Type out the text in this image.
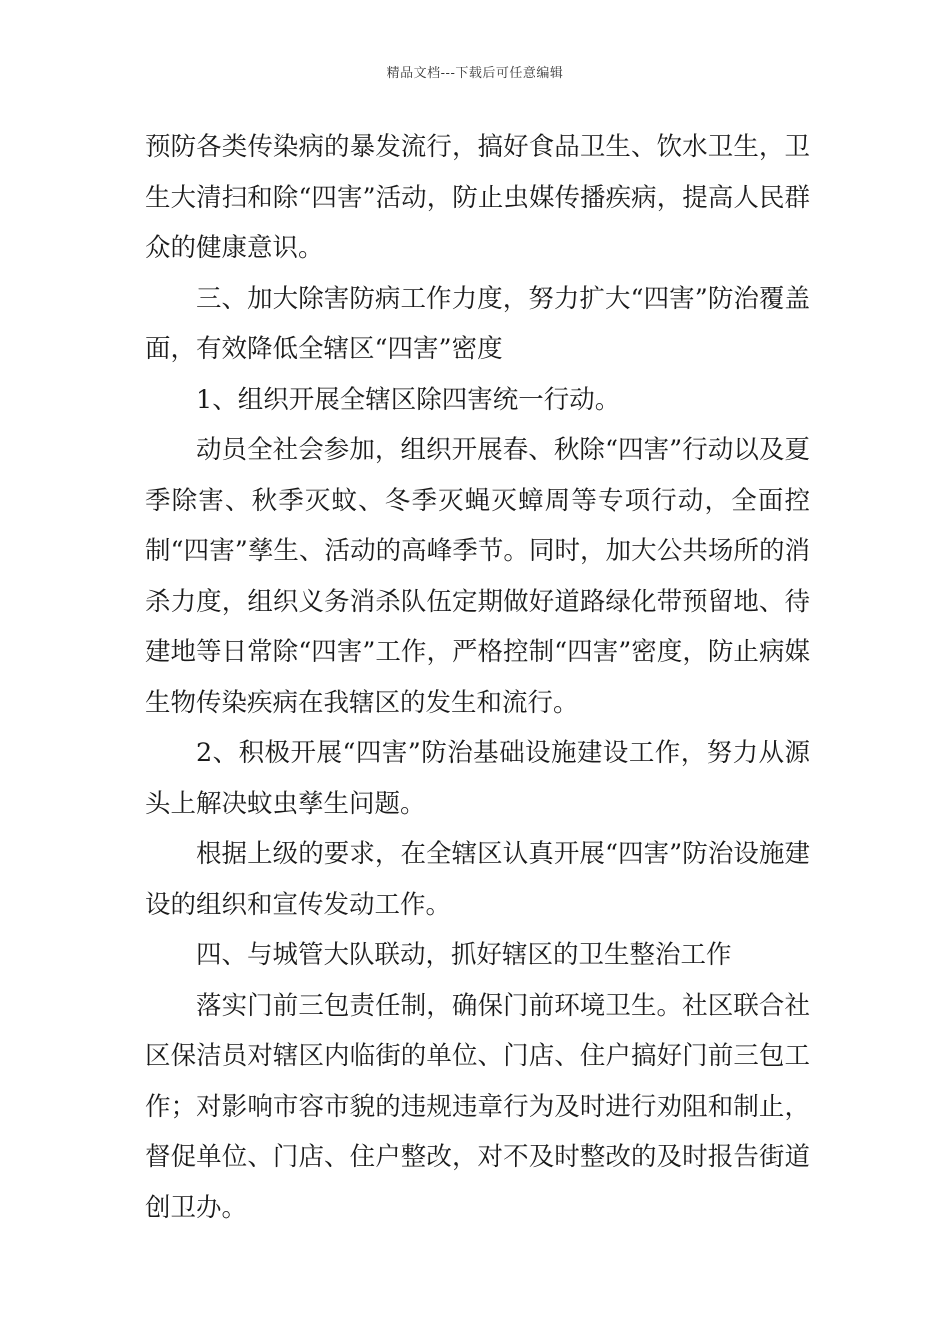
精品文档---下载后可任意编辑

预防各类传染病的暴发流行，搞好食品卫生、饮水卫生，卫生大清扫和除“四害”活动，防止虫媒传播疾病，提高人民群众的健康意识。

三、加大除害防病工作力度，努力扩大“四害”防治覆盖面，有效降低全辖区“四害”密度

1、组织开展全辖区除四害统一行动。

动员全社会参加，组织开展春、秋除“四害”行动以及夏季除害、秋季灭蚊、冬季灭蝇灭蟑周等专项行动，全面控制“四害”孳生、活动的高峰季节。同时，加大公共场所的消杀力度，组织义务消杀队伍定期做好道路绿化带预留地、待建地等日常除“四害”工作，严格控制“四害”密度，防止病媒生物传染疾病在我辖区的发生和流行。

2、积极开展“四害”防治基础设施建设工作，努力从源头上解决蚊虫孳生问题。

根据上级的要求，在全辖区认真开展“四害”防治设施建设的组织和宣传发动工作。

四、与城管大队联动，抓好辖区的卫生整治工作

落实门前三包责任制，确保门前环境卫生。社区联合社区保洁员对辖区内临街的单位、门店、住户搞好门前三包工作；对影响市容市貌的违规违章行为及时进行劝阻和制止，督促单位、门店、住户整改，对不及时整改的及时报告街道创卫办。
